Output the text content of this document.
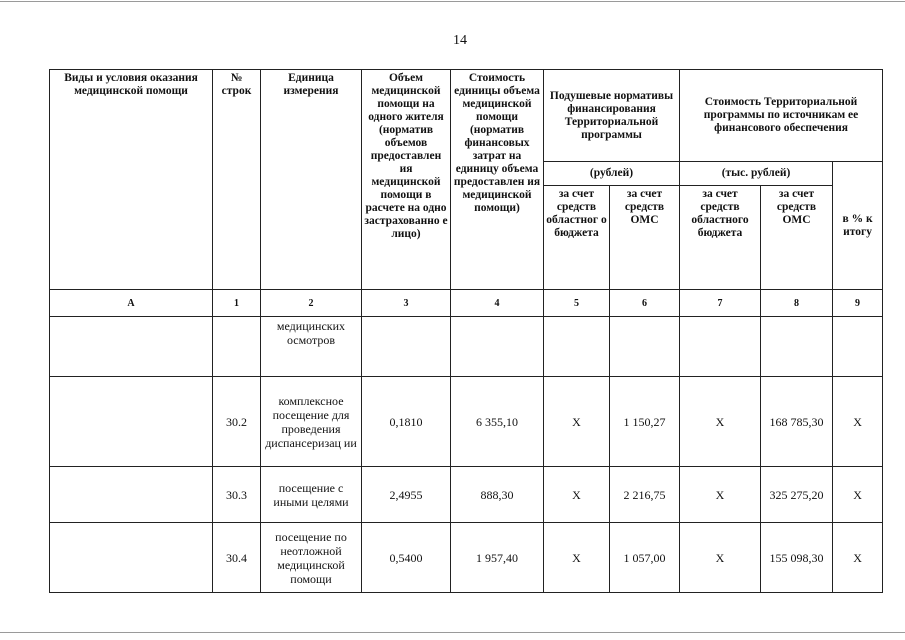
14
Виды и условия оказания медицинской помощи	№ строк	Единица измерения	Объем медицинской помощи на одного жителя (норматив объемов предоставлен ия медицинской помощи в расчете на одно застрахованно е лицо)	Стоимость единицы объема медицинской помощи (норматив финансовых затрат на единицу объема предоставлен ия медицинской помощи)	Подушевые нормативы финансирования Территориальной программы		Стоимость Территориальной программы по источникам ее финансового обеспечения		
					(рублей)		(тыс. рублей)		в % к итогу
					за счет средств областног о бюджета	за счет средств ОМС	за счет средств областного бюджета	за счет средств ОМС	
А	1	2	3	4	5	6	7	8	9
		медицинских осмотров							
	30.2	комплексное посещение для проведения диспансеризац ии	0,1810	6 355,10	Х	1 150,27	Х	168 785,30	Х
	30.3	посещение с иными целями	2,4955	888,30	Х	2 216,75	Х	325 275,20	Х
	30.4	посещение по неотложной медицинской помощи	0,5400	1 957,40	Х	1 057,00	Х	155 098,30	Х
